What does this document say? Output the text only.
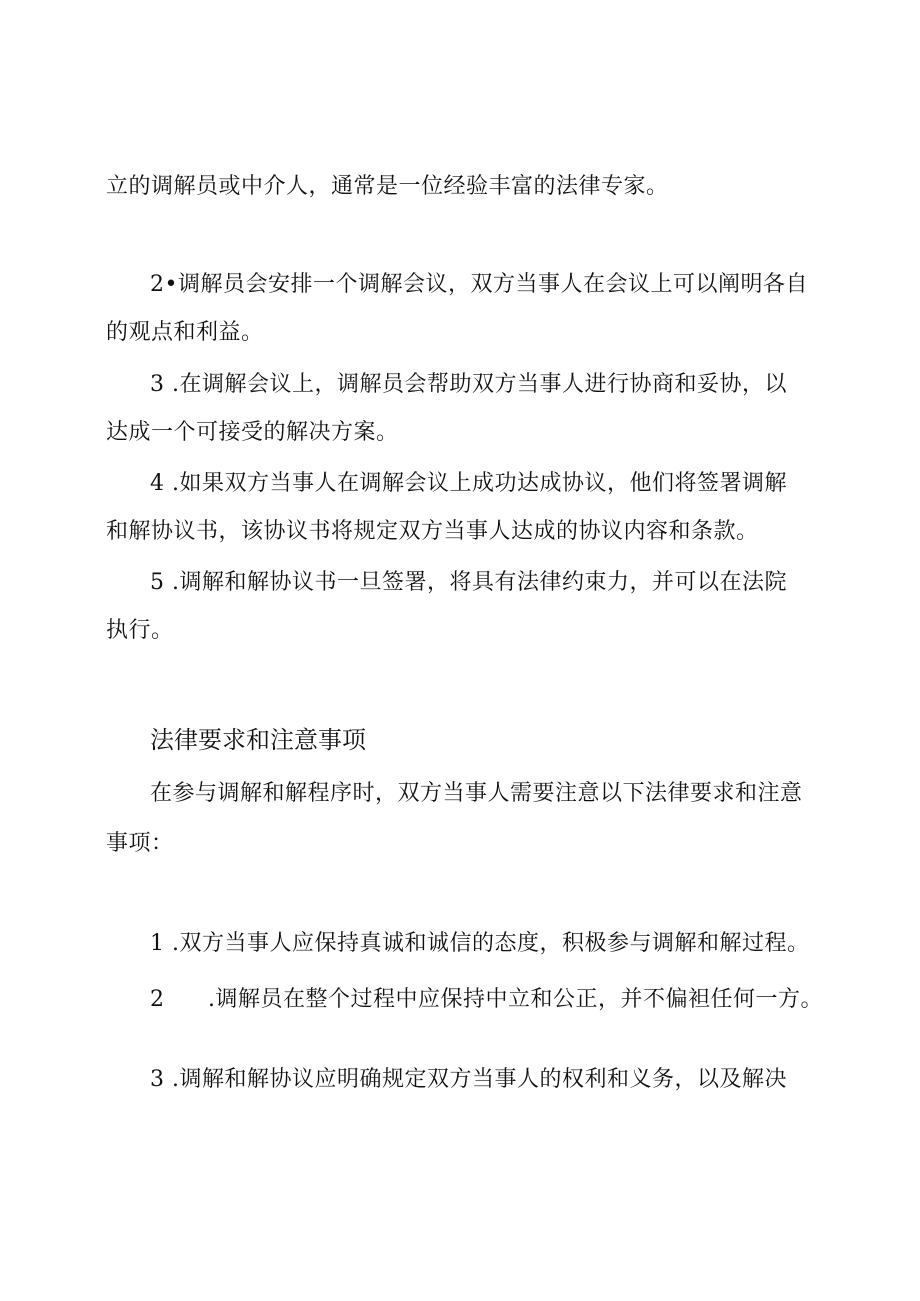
立的调解员或中介人，通常是一位经验丰富的法律专家。

2•调解员会安排一个调解会议，双方当事人在会议上可以阐明各自

的观点和利益。

3 .在调解会议上，调解员会帮助双方当事人进行协商和妥协，以

达成一个可接受的解决方案。

4 .如果双方当事人在调解会议上成功达成协议，他们将签署调解

和解协议书，该协议书将规定双方当事人达成的协议内容和条款。

5 .调解和解协议书一旦签署，将具有法律约束力，并可以在法院

执行。

法律要求和注意事项

在参与调解和解程序时，双方当事人需要注意以下法律要求和注意

事项：

1 .双方当事人应保持真诚和诚信的态度，积极参与调解和解过程。

2 .调解员在整个过程中应保持中立和公正，并不偏袒任何一方。

3 .调解和解协议应明确规定双方当事人的权利和义务，以及解决
